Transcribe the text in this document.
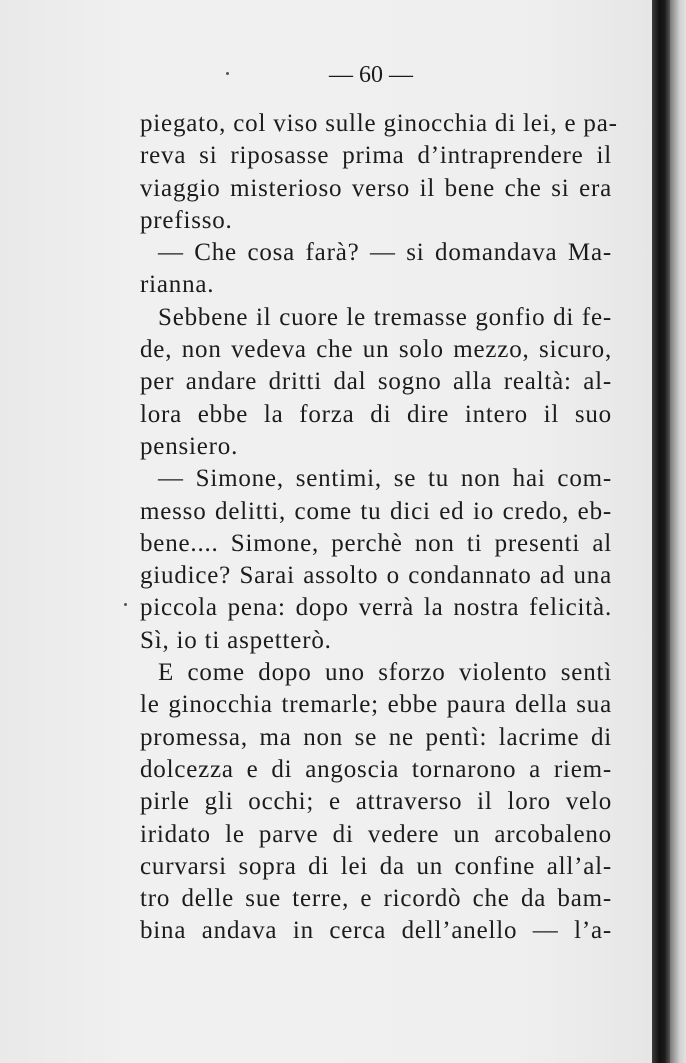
— 60 —

piegato, col viso sulle ginocchia di lei, e pa-
reva si riposasse prima d’intraprendere il
viaggio misterioso verso il bene che si era
prefisso.
— Che cosa farà? — si domandava Ma-
rianna.
Sebbene il cuore le tremasse gonfio di fe-
de, non vedeva che un solo mezzo, sicuro,
per andare dritti dal sogno alla realtà: al-
lora ebbe la forza di dire intero il suo
pensiero.
— Simone, sentimi, se tu non hai com-
messo delitti, come tu dici ed io credo, eb-
bene.... Simone, perchè non ti presenti al
giudice? Sarai assolto o condannato ad una
piccola pena: dopo verrà la nostra felicità.
Sì, io ti aspetterò.
E come dopo uno sforzo violento sentì
le ginocchia tremarle; ebbe paura della sua
promessa, ma non se ne pentì: lacrime di
dolcezza e di angoscia tornarono a riem-
pirle gli occhi; e attraverso il loro velo
iridato le parve di vedere un arcobaleno
curvarsi sopra di lei da un confine all’al-
tro delle sue terre, e ricordò che da bam-
bina andava in cerca dell’anello — l’a-
